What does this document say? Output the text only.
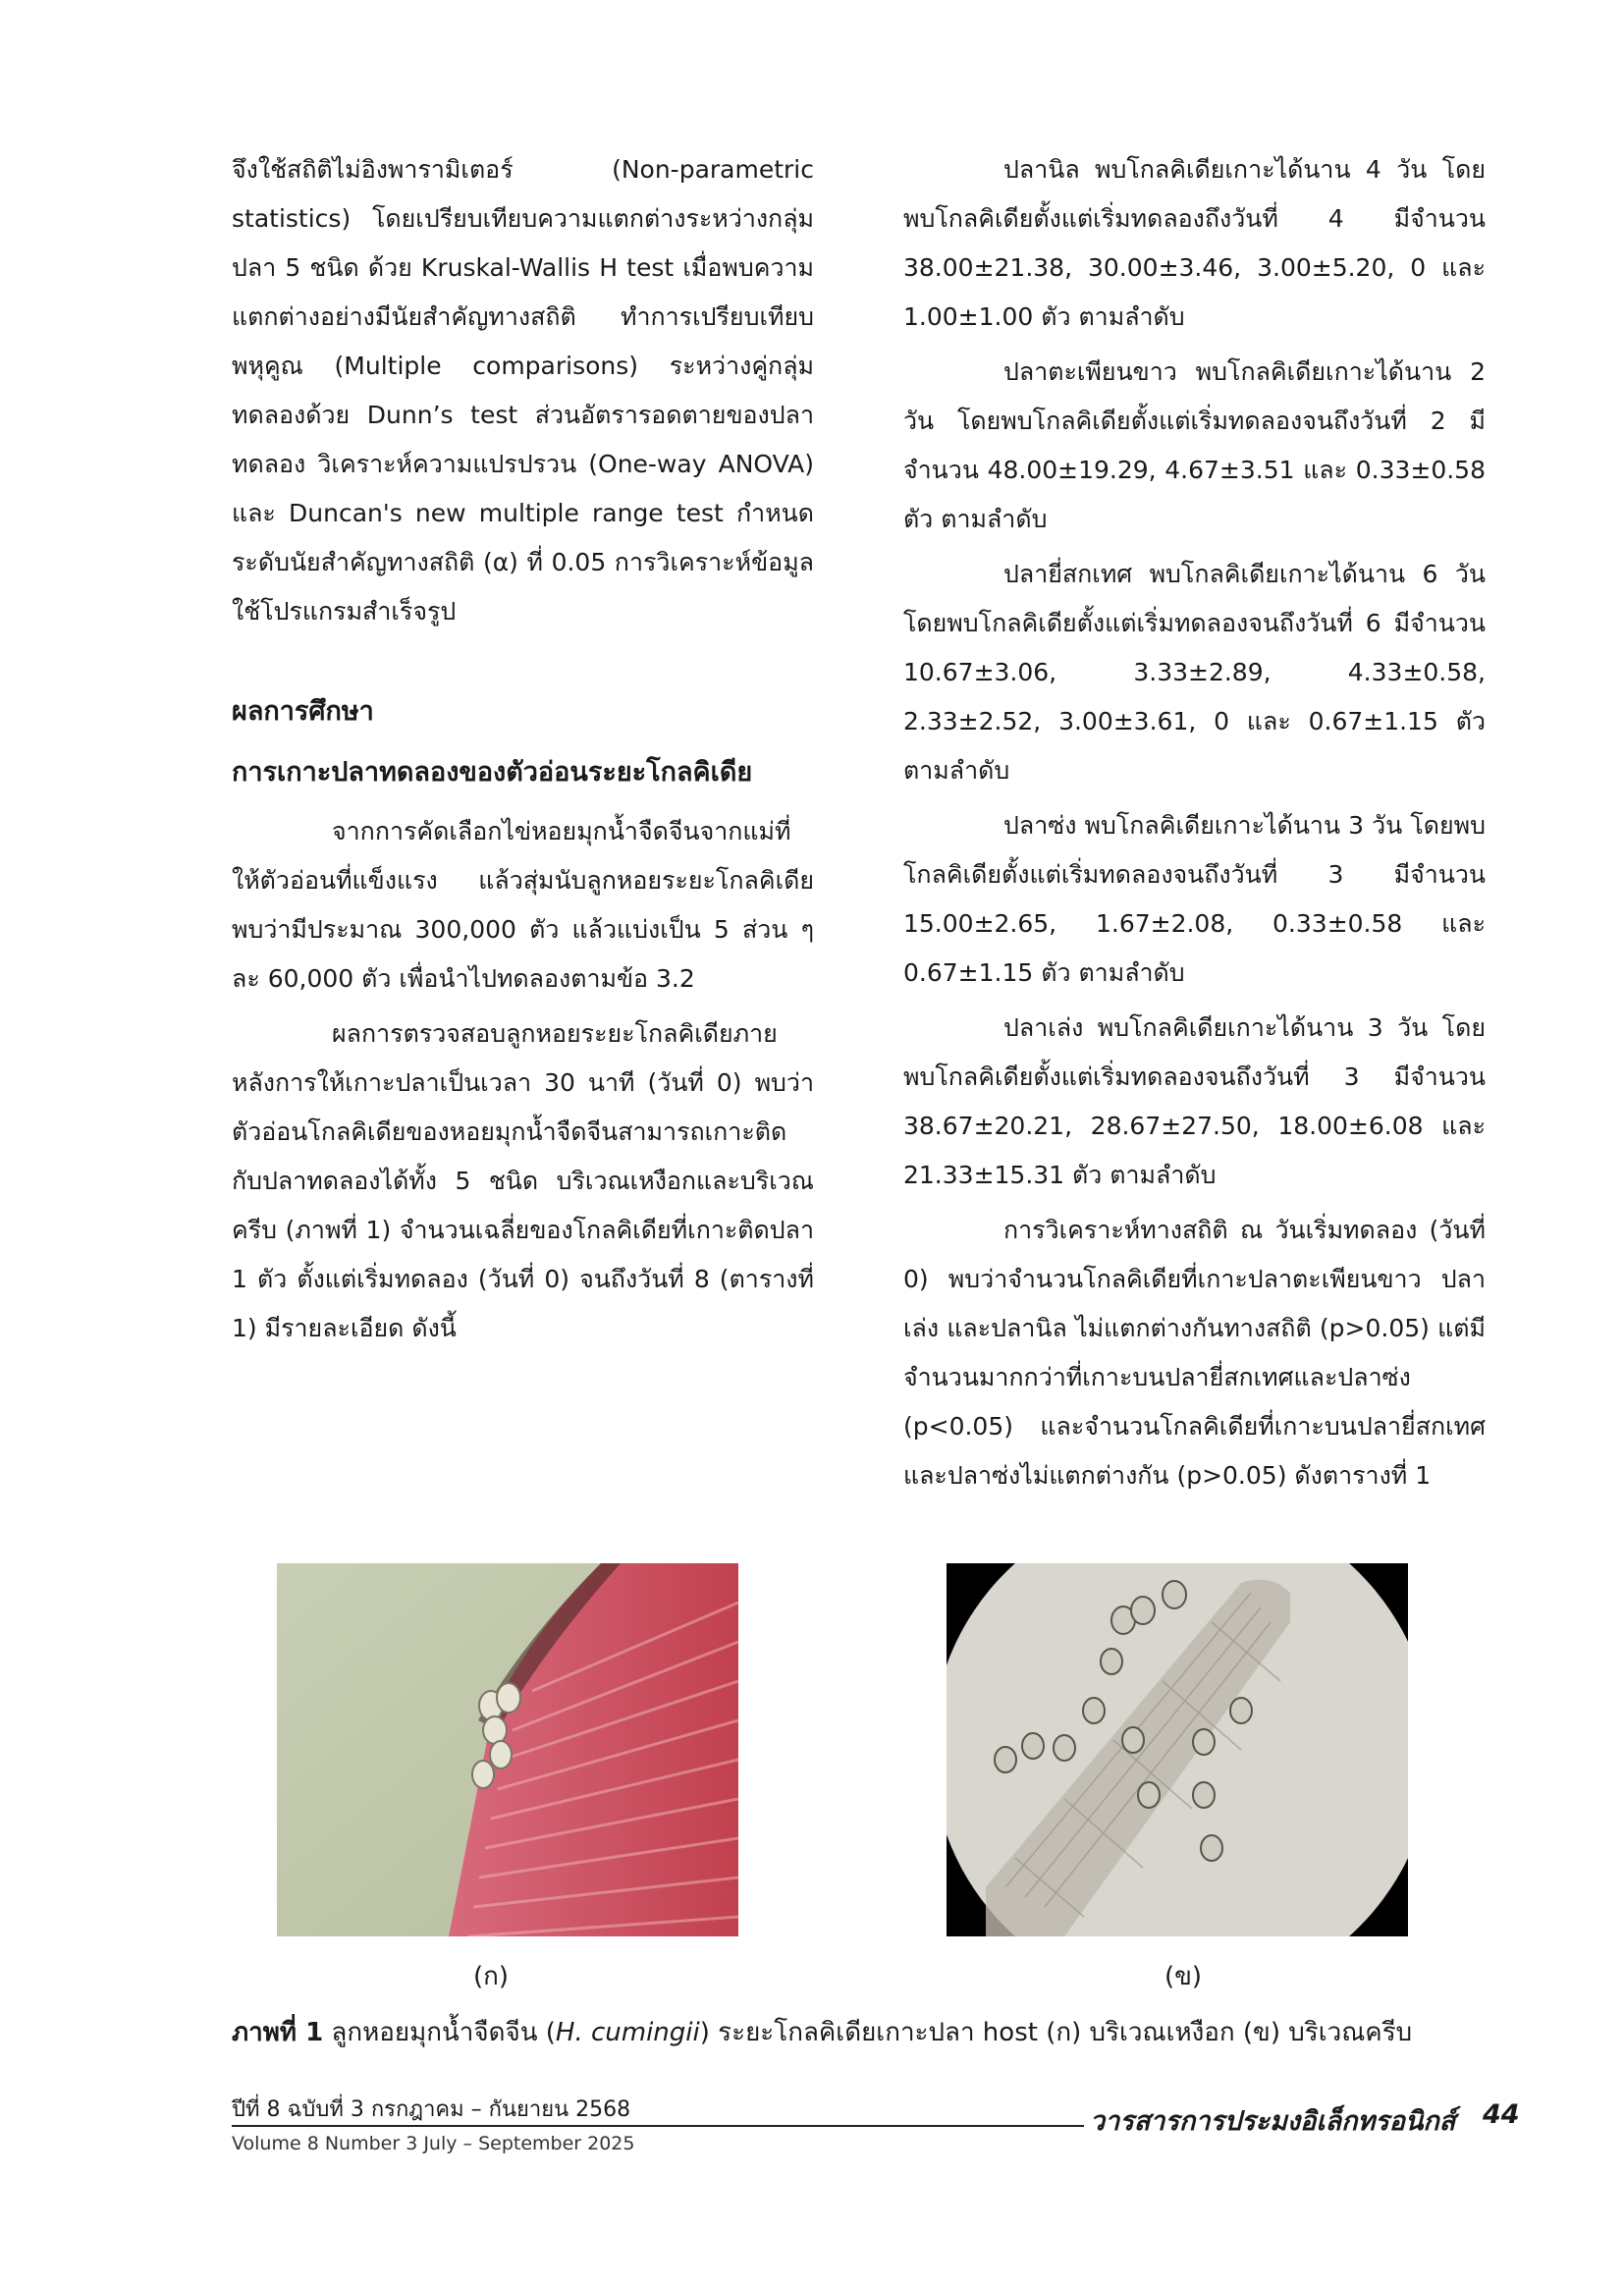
จึงใช้สถิติไม่อิงพารามิเตอร์ (Non-parametric statistics) โดยเปรียบเทียบความแตกต่างระหว่างกลุ่มปลา 5 ชนิด ด้วย Kruskal-Wallis H test เมื่อพบความแตกต่างอย่างมีนัยสำคัญทางสถิติ ทำการเปรียบเทียบพหุคูณ (Multiple comparisons) ระหว่างคู่กลุ่มทดลองด้วย Dunn’s test ส่วนอัตรารอดตายของปลาทดลอง วิเคราะห์ความแปรปรวน (One-way ANOVA) และ Duncan's new multiple range test กำหนดระดับนัยสำคัญทางสถิติ (α) ที่ 0.05 การวิเคราะห์ข้อมูลใช้โปรแกรมสำเร็จรูป

ผลการศึกษา

การเกาะปลาทดลองของตัวอ่อนระยะโกลคิเดีย

จากการคัดเลือกไข่หอยมุกน้ำจืดจีนจากแม่ที่ให้ตัวอ่อนที่แข็งแรง แล้วสุ่มนับลูกหอยระยะโกลคิเดีย พบว่ามีประมาณ 300,000 ตัว แล้วแบ่งเป็น 5 ส่วน ๆ ละ 60,000 ตัว เพื่อนำไปทดลองตามข้อ 3.2

ผลการตรวจสอบลูกหอยระยะโกลคิเดียภายหลังการให้เกาะปลาเป็นเวลา 30 นาที (วันที่ 0) พบว่าตัวอ่อนโกลคิเดียของหอยมุกน้ำจืดจีนสามารถเกาะติดกับปลาทดลองได้ทั้ง 5 ชนิด บริเวณเหงือกและบริเวณครีบ (ภาพที่ 1) จำนวนเฉลี่ยของโกลคิเดียที่เกาะติดปลา 1 ตัว ตั้งแต่เริ่มทดลอง (วันที่ 0) จนถึงวันที่ 8 (ตารางที่ 1) มีรายละเอียด ดังนี้

ปลานิล พบโกลคิเดียเกาะได้นาน 4 วัน โดยพบโกลคิเดียตั้งแต่เริ่มทดลองถึงวันที่ 4 มีจำนวน 38.00±21.38, 30.00±3.46, 3.00±5.20, 0 และ 1.00±1.00 ตัว ตามลำดับ

ปลาตะเพียนขาว พบโกลคิเดียเกาะได้นาน 2 วัน โดยพบโกลคิเดียตั้งแต่เริ่มทดลองจนถึงวันที่ 2 มีจำนวน 48.00±19.29, 4.67±3.51 และ 0.33±0.58 ตัว ตามลำดับ

ปลายี่สกเทศ พบโกลคิเดียเกาะได้นาน 6 วัน โดยพบโกลคิเดียตั้งแต่เริ่มทดลองจนถึงวันที่ 6 มีจำนวน 10.67±3.06, 3.33±2.89, 4.33±0.58, 2.33±2.52, 3.00±3.61, 0 และ 0.67±1.15 ตัว ตามลำดับ

ปลาซ่ง พบโกลคิเดียเกาะได้นาน 3 วัน โดยพบโกลคิเดียตั้งแต่เริ่มทดลองจนถึงวันที่ 3 มีจำนวน 15.00±2.65, 1.67±2.08, 0.33±0.58 และ 0.67±1.15 ตัว ตามลำดับ

ปลาเล่ง พบโกลคิเดียเกาะได้นาน 3 วัน โดยพบโกลคิเดียตั้งแต่เริ่มทดลองจนถึงวันที่ 3 มีจำนวน 38.67±20.21, 28.67±27.50, 18.00±6.08 และ 21.33±15.31 ตัว ตามลำดับ

การวิเคราะห์ทางสถิติ ณ วันเริ่มทดลอง (วันที่ 0) พบว่าจำนวนโกลคิเดียที่เกาะปลาตะเพียนขาว ปลาเล่ง และปลานิล ไม่แตกต่างกันทางสถิติ (p>0.05) แต่มีจำนวนมากกว่าที่เกาะบนปลายี่สกเทศและปลาซ่ง (p<0.05) และจำนวนโกลคิเดียที่เกาะบนปลายี่สกเทศและปลาซ่งไม่แตกต่างกัน (p>0.05) ดังตารางที่ 1

(ก)	(ข)
ภาพที่ 1 ลูกหอยมุกน้ำจืดจีน (H. cumingii) ระยะโกลคิเดียเกาะปลา host (ก) บริเวณเหงือก (ข) บริเวณครีบ
ปีที่ 8 ฉบับที่ 3 กรกฎาคม – กันยายน 2568
Volume 8 Number 3 July – September 2025
วารสารการประมงอิเล็กทรอนิกส์ 44
